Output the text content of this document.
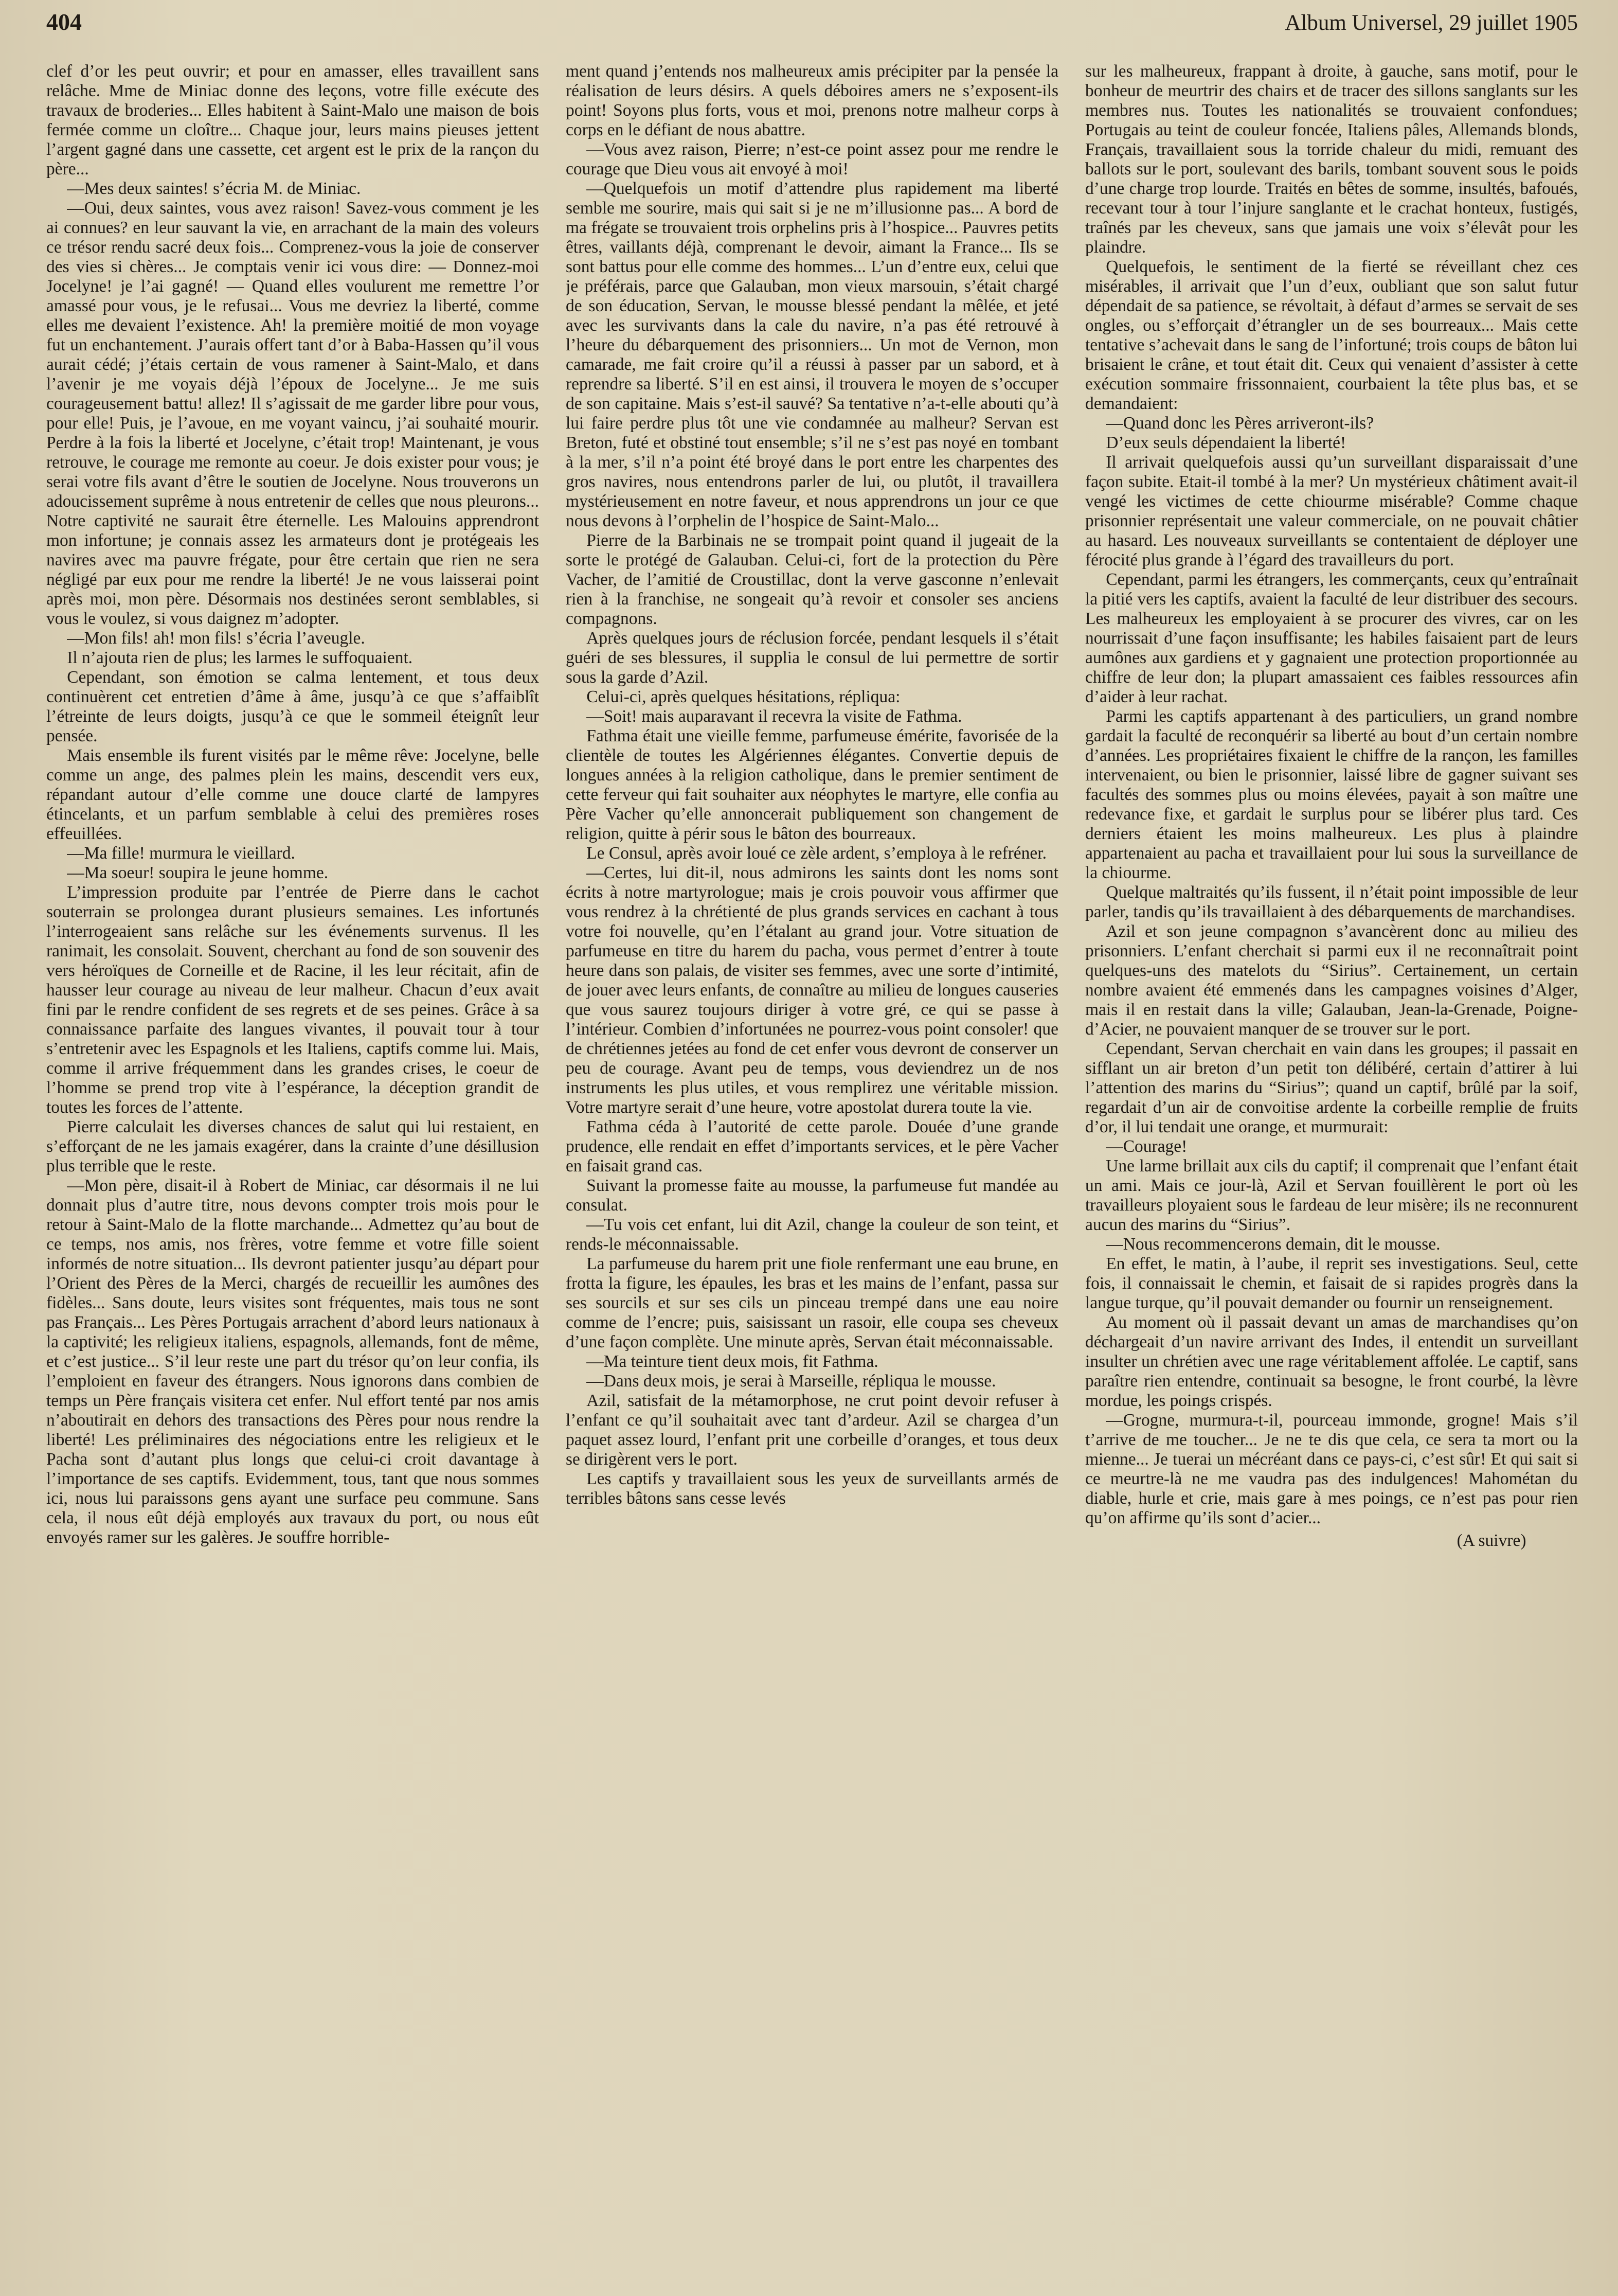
404	Album Universel, 29 juillet 1905

clef d’or les peut ouvrir; et pour en amasser, elles travaillent sans relâche. Mme de Miniac donne des leçons, votre fille exécute des travaux de broderies... Elles habitent à Saint-Malo une maison de bois fermée comme un cloître... Chaque jour, leurs mains pieuses jettent l’argent gagné dans une cassette, cet argent est le prix de la rançon du père...

—Mes deux saintes! s’écria M. de Miniac.

—Oui, deux saintes, vous avez raison! Savez-vous comment je les ai connues? en leur sauvant la vie, en arrachant de la main des voleurs ce trésor rendu sacré deux fois... Comprenez-vous la joie de conserver des vies si chères... Je comptais venir ici vous dire: — Donnez-moi Jocelyne! je l’ai gagné! — Quand elles voulurent me remettre l’or amassé pour vous, je le refusai... Vous me devriez la liberté, comme elles me devaient l’existence. Ah! la première moitié de mon voyage fut un enchantement. J’aurais offert tant d’or à Baba-Hassen qu’il vous aurait cédé; j’étais certain de vous ramener à Saint-Malo, et dans l’avenir je me voyais déjà l’époux de Jocelyne... Je me suis courageusement battu! allez! Il s’agissait de me garder libre pour vous, pour elle! Puis, je l’avoue, en me voyant vaincu, j’ai souhaité mourir. Perdre à la fois la liberté et Jocelyne, c’était trop! Maintenant, je vous retrouve, le courage me remonte au coeur. Je dois exister pour vous; je serai votre fils avant d’être le soutien de Jocelyne. Nous trouverons un adoucissement suprême à nous entretenir de celles que nous pleurons... Notre captivité ne saurait être éternelle. Les Malouins apprendront mon infortune; je connais assez les armateurs dont je protégeais les navires avec ma pauvre frégate, pour être certain que rien ne sera négligé par eux pour me rendre la liberté! Je ne vous laisserai point après moi, mon père. Désormais nos destinées seront semblables, si vous le voulez, si vous daignez m’adopter.

—Mon fils! ah! mon fils! s’écria l’aveugle.

Il n’ajouta rien de plus; les larmes le suffoquaient.

Cependant, son émotion se calma lentement, et tous deux continuèrent cet entretien d’âme à âme, jusqu’à ce que s’affaiblît l’étreinte de leurs doigts, jusqu’à ce que le sommeil éteignît leur pensée.

Mais ensemble ils furent visités par le même rêve: Jocelyne, belle comme un ange, des palmes plein les mains, descendit vers eux, répandant autour d’elle comme une douce clarté de lampyres étincelants, et un parfum semblable à celui des premières roses effeuillées.

—Ma fille! murmura le vieillard.

—Ma soeur! soupira le jeune homme.

L’impression produite par l’entrée de Pierre dans le cachot souterrain se prolongea durant plusieurs semaines. Les infortunés l’interrogeaient sans relâche sur les événements survenus. Il les ranimait, les consolait. Souvent, cherchant au fond de son souvenir des vers héroïques de Corneille et de Racine, il les leur récitait, afin de hausser leur courage au niveau de leur malheur. Chacun d’eux avait fini par le rendre confident de ses regrets et de ses peines. Grâce à sa connaissance parfaite des langues vivantes, il pouvait tour à tour s’entretenir avec les Espagnols et les Italiens, captifs comme lui. Mais, comme il arrive fréquemment dans les grandes crises, le coeur de l’homme se prend trop vite à l’espérance, la déception grandit de toutes les forces de l’attente.

Pierre calculait les diverses chances de salut qui lui restaient, en s’efforçant de ne les jamais exagérer, dans la crainte d’une désillusion plus terrible que le reste.

—Mon père, disait-il à Robert de Miniac, car désormais il ne lui donnait plus d’autre titre, nous devons compter trois mois pour le retour à Saint-Malo de la flotte marchande... Admettez qu’au bout de ce temps, nos amis, nos frères, votre femme et votre fille soient informés de notre situation... Ils devront patienter jusqu’au départ pour l’Orient des Pères de la Merci, chargés de recueillir les aumônes des fidèles... Sans doute, leurs visites sont fréquentes, mais tous ne sont pas Français... Les Pères Portugais arrachent d’abord leurs nationaux à la captivité; les religieux italiens, espagnols, allemands, font de même, et c’est justice... S’il leur reste une part du trésor qu’on leur confia, ils l’emploient en faveur des étrangers. Nous ignorons dans combien de temps un Père français visitera cet enfer. Nul effort tenté par nos amis n’aboutirait en dehors des transactions des Pères pour nous rendre la liberté! Les préliminaires des négociations entre les religieux et le Pacha sont d’autant plus longs que celui-ci croit davantage à l’importance de ses captifs. Evidemment, tous, tant que nous sommes ici, nous lui paraissons gens ayant une surface peu commune. Sans cela, il nous eût déjà employés aux travaux du port, ou nous eût envoyés ramer sur les galères. Je souffre horrible-

ment quand j’entends nos malheureux amis précipiter par la pensée la réalisation de leurs désirs. A quels déboires amers ne s’exposent-ils point! Soyons plus forts, vous et moi, prenons notre malheur corps à corps en le défiant de nous abattre.

—Vous avez raison, Pierre; n’est-ce point assez pour me rendre le courage que Dieu vous ait envoyé à moi!

—Quelquefois un motif d’attendre plus rapidement ma liberté semble me sourire, mais qui sait si je ne m’illusionne pas... A bord de ma frégate se trouvaient trois orphelins pris à l’hospice... Pauvres petits êtres, vaillants déjà, comprenant le devoir, aimant la France... Ils se sont battus pour elle comme des hommes... L’un d’entre eux, celui que je préférais, parce que Galauban, mon vieux marsouin, s’était chargé de son éducation, Servan, le mousse blessé pendant la mêlée, et jeté avec les survivants dans la cale du navire, n’a pas été retrouvé à l’heure du débarquement des prisonniers... Un mot de Vernon, mon camarade, me fait croire qu’il a réussi à passer par un sabord, et à reprendre sa liberté. S’il en est ainsi, il trouvera le moyen de s’occuper de son capitaine. Mais s’est-il sauvé? Sa tentative n’a-t-elle abouti qu’à lui faire perdre plus tôt une vie condamnée au malheur? Servan est Breton, futé et obstiné tout ensemble; s’il ne s’est pas noyé en tombant à la mer, s’il n’a point été broyé dans le port entre les charpentes des gros navires, nous entendrons parler de lui, ou plutôt, il travaillera mystérieusement en notre faveur, et nous apprendrons un jour ce que nous devons à l’orphelin de l’hospice de Saint-Malo...

Pierre de la Barbinais ne se trompait point quand il jugeait de la sorte le protégé de Galauban. Celui-ci, fort de la protection du Père Vacher, de l’amitié de Croustillac, dont la verve gasconne n’enlevait rien à la franchise, ne songeait qu’à revoir et consoler ses anciens compagnons.

Après quelques jours de réclusion forcée, pendant lesquels il s’était guéri de ses blessures, il supplia le consul de lui permettre de sortir sous la garde d’Azil.

Celui-ci, après quelques hésitations, répliqua:

—Soit! mais auparavant il recevra la visite de Fathma.

Fathma était une vieille femme, parfumeuse émérite, favorisée de la clientèle de toutes les Algériennes élégantes. Convertie depuis de longues années à la religion catholique, dans le premier sentiment de cette ferveur qui fait souhaiter aux néophytes le martyre, elle confia au Père Vacher qu’elle annoncerait publiquement son changement de religion, quitte à périr sous le bâton des bourreaux.

Le Consul, après avoir loué ce zèle ardent, s’employa à le refréner.

—Certes, lui dit-il, nous admirons les saints dont les noms sont écrits à notre martyrologue; mais je crois pouvoir vous affirmer que vous rendrez à la chrétienté de plus grands services en cachant à tous votre foi nouvelle, qu’en l’étalant au grand jour. Votre situation de parfumeuse en titre du harem du pacha, vous permet d’entrer à toute heure dans son palais, de visiter ses femmes, avec une sorte d’intimité, de jouer avec leurs enfants, de connaître au milieu de longues causeries que vous saurez toujours diriger à votre gré, ce qui se passe à l’intérieur. Combien d’infortunées ne pourrez-vous point consoler! que de chrétiennes jetées au fond de cet enfer vous devront de conserver un peu de courage. Avant peu de temps, vous deviendrez un de nos instruments les plus utiles, et vous remplirez une véritable mission. Votre martyre serait d’une heure, votre apostolat durera toute la vie.

Fathma céda à l’autorité de cette parole. Douée d’une grande prudence, elle rendait en effet d’importants services, et le père Vacher en faisait grand cas.

Suivant la promesse faite au mousse, la parfumeuse fut mandée au consulat.

—Tu vois cet enfant, lui dit Azil, change la couleur de son teint, et rends-le méconnaissable.

La parfumeuse du harem prit une fiole renfermant une eau brune, en frotta la figure, les épaules, les bras et les mains de l’enfant, passa sur ses sourcils et sur ses cils un pinceau trempé dans une eau noire comme de l’encre; puis, saisissant un rasoir, elle coupa ses cheveux d’une façon complète. Une minute après, Servan était méconnaissable.

—Ma teinture tient deux mois, fit Fathma.

—Dans deux mois, je serai à Marseille, répliqua le mousse.

Azil, satisfait de la métamorphose, ne crut point devoir refuser à l’enfant ce qu’il souhaitait avec tant d’ardeur. Azil se chargea d’un paquet assez lourd, l’enfant prit une corbeille d’oranges, et tous deux se dirigèrent vers le port.

Les captifs y travaillaient sous les yeux de surveillants armés de terribles bâtons sans cesse levés

sur les malheureux, frappant à droite, à gauche, sans motif, pour le bonheur de meurtrir des chairs et de tracer des sillons sanglants sur les membres nus. Toutes les nationalités se trouvaient confondues; Portugais au teint de couleur foncée, Italiens pâles, Allemands blonds, Français, travaillaient sous la torride chaleur du midi, remuant des ballots sur le port, soulevant des barils, tombant souvent sous le poids d’une charge trop lourde. Traités en bêtes de somme, insultés, bafoués, recevant tour à tour l’injure sanglante et le crachat honteux, fustigés, traînés par les cheveux, sans que jamais une voix s’élevât pour les plaindre.

Quelquefois, le sentiment de la fierté se réveillant chez ces misérables, il arrivait que l’un d’eux, oubliant que son salut futur dépendait de sa patience, se révoltait, à défaut d’armes se servait de ses ongles, ou s’efforçait d’étrangler un de ses bourreaux... Mais cette tentative s’achevait dans le sang de l’infortuné; trois coups de bâton lui brisaient le crâne, et tout était dit. Ceux qui venaient d’assister à cette exécution sommaire frissonnaient, courbaient la tête plus bas, et se demandaient:

—Quand donc les Pères arriveront-ils?

D’eux seuls dépendaient la liberté!

Il arrivait quelquefois aussi qu’un surveillant disparaissait d’une façon subite. Etait-il tombé à la mer? Un mystérieux châtiment avait-il vengé les victimes de cette chiourme misérable? Comme chaque prisonnier représentait une valeur commerciale, on ne pouvait châtier au hasard. Les nouveaux surveillants se contentaient de déployer une férocité plus grande à l’égard des travailleurs du port.

Cependant, parmi les étrangers, les commerçants, ceux qu’entraînait la pitié vers les captifs, avaient la faculté de leur distribuer des secours. Les malheureux les employaient à se procurer des vivres, car on les nourrissait d’une façon insuffisante; les habiles faisaient part de leurs aumônes aux gardiens et y gagnaient une protection proportionnée au chiffre de leur don; la plupart amassaient ces faibles ressources afin d’aider à leur rachat.

Parmi les captifs appartenant à des particuliers, un grand nombre gardait la faculté de reconquérir sa liberté au bout d’un certain nombre d’années. Les propriétaires fixaient le chiffre de la rançon, les familles intervenaient, ou bien le prisonnier, laissé libre de gagner suivant ses facultés des sommes plus ou moins élevées, payait à son maître une redevance fixe, et gardait le surplus pour se libérer plus tard. Ces derniers étaient les moins malheureux. Les plus à plaindre appartenaient au pacha et travaillaient pour lui sous la surveillance de la chiourme.

Quelque maltraités qu’ils fussent, il n’était point impossible de leur parler, tandis qu’ils travaillaient à des débarquements de marchandises.

Azil et son jeune compagnon s’avancèrent donc au milieu des prisonniers. L’enfant cherchait si parmi eux il ne reconnaîtrait point quelques-uns des matelots du “Sirius”. Certainement, un certain nombre avaient été emmenés dans les campagnes voisines d’Alger, mais il en restait dans la ville; Galauban, Jean-la-Grenade, Poigne-d’Acier, ne pouvaient manquer de se trouver sur le port.

Cependant, Servan cherchait en vain dans les groupes; il passait en sifflant un air breton d’un petit ton délibéré, certain d’attirer à lui l’attention des marins du “Sirius”; quand un captif, brûlé par la soif, regardait d’un air de convoitise ardente la corbeille remplie de fruits d’or, il lui tendait une orange, et murmurait:

—Courage!

Une larme brillait aux cils du captif; il comprenait que l’enfant était un ami. Mais ce jour-là, Azil et Servan fouillèrent le port où les travailleurs ployaient sous le fardeau de leur misère; ils ne reconnurent aucun des marins du “Sirius”.

—Nous recommencerons demain, dit le mousse.

En effet, le matin, à l’aube, il reprit ses investigations. Seul, cette fois, il connaissait le chemin, et faisait de si rapides progrès dans la langue turque, qu’il pouvait demander ou fournir un renseignement.

Au moment où il passait devant un amas de marchandises qu’on déchargeait d’un navire arrivant des Indes, il entendit un surveillant insulter un chrétien avec une rage véritablement affolée. Le captif, sans paraître rien entendre, continuait sa besogne, le front courbé, la lèvre mordue, les poings crispés.

—Grogne, murmura-t-il, pourceau immonde, grogne! Mais s’il t’arrive de me toucher... Je ne te dis que cela, ce sera ta mort ou la mienne... Je tuerai un mécréant dans ce pays-ci, c’est sûr! Et qui sait si ce meurtre-là ne me vaudra pas des indulgences! Mahométan du diable, hurle et crie, mais gare à mes poings, ce n’est pas pour rien qu’on affirme qu’ils sont d’acier...

(A suivre)
